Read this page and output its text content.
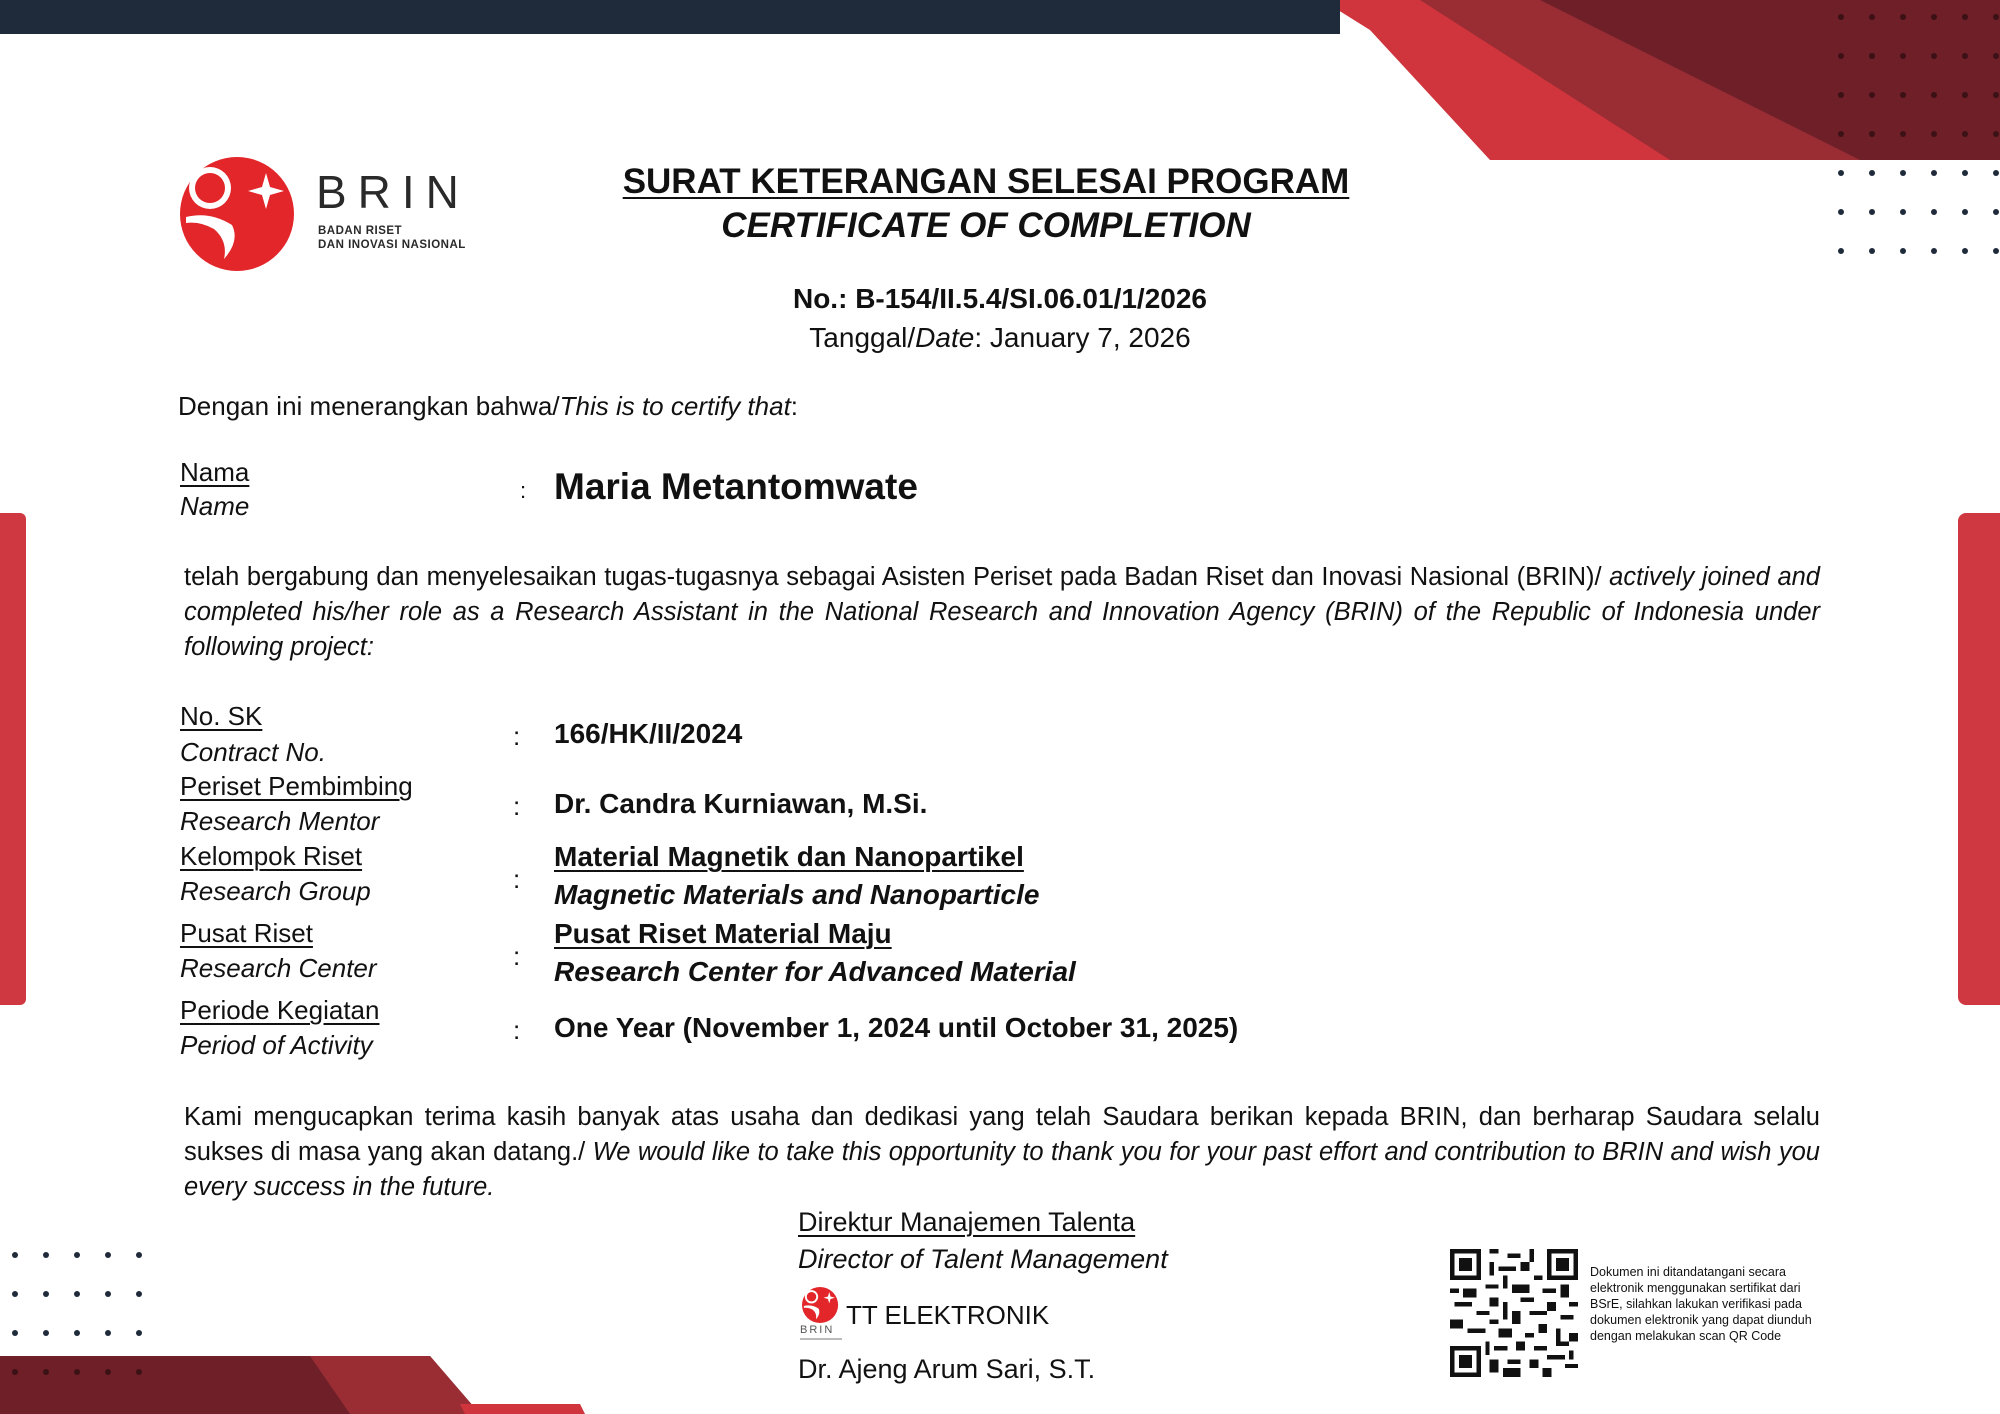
BRIN
BADAN RISET
DAN INOVASI NASIONAL
SURAT KETERANGAN SELESAI PROGRAM
CERTIFICATE OF COMPLETION
No.: B-154/II.5.4/SI.06.01/1/2026
Tanggal/Date: January 7, 2026
Dengan ini menerangkan bahwa/This is to certify that:
Nama
Name
: Maria Metantomwate
telah bergabung dan menyelesaikan tugas-tugasnya sebagai Asisten Periset pada Badan Riset dan Inovasi Nasional (BRIN)/ actively joined and completed his/her role as a Research Assistant in the National Research and Innovation Agency (BRIN) of the Republic of Indonesia under following project:
No. SK
Contract No.
: 166/HK/II/2024
Periset Pembimbing
Research Mentor	: Dr. Candra Kurniawan, M.Si.
Kelompok Riset
Research Group	:
Material Magnetik dan Nanopartikel
Magnetic Materials and Nanoparticle
Pusat Riset
Research Center	:
Pusat Riset Material Maju
Research Center for Advanced Material
Periode Kegiatan
Period of Activity	: One Year (November 1, 2024 until October 31, 2025)
Kami mengucapkan terima kasih banyak atas usaha dan dedikasi yang telah Saudara berikan kepada BRIN, dan berharap Saudara selalu sukses di masa yang akan datang./ We would like to take this opportunity to thank you for your past effort and contribution to BRIN and wish you every success in the future.
Direktur Manajemen Talenta
Director of Talent Management
BRIN TT ELEKTRONIK
Dr. Ajeng Arum Sari, S.T.
Dokumen ini ditandatangani secara elektronik menggunakan sertifikat dari BSrE, silahkan lakukan verifikasi pada dokumen elektronik yang dapat diunduh dengan melakukan scan QR Code
